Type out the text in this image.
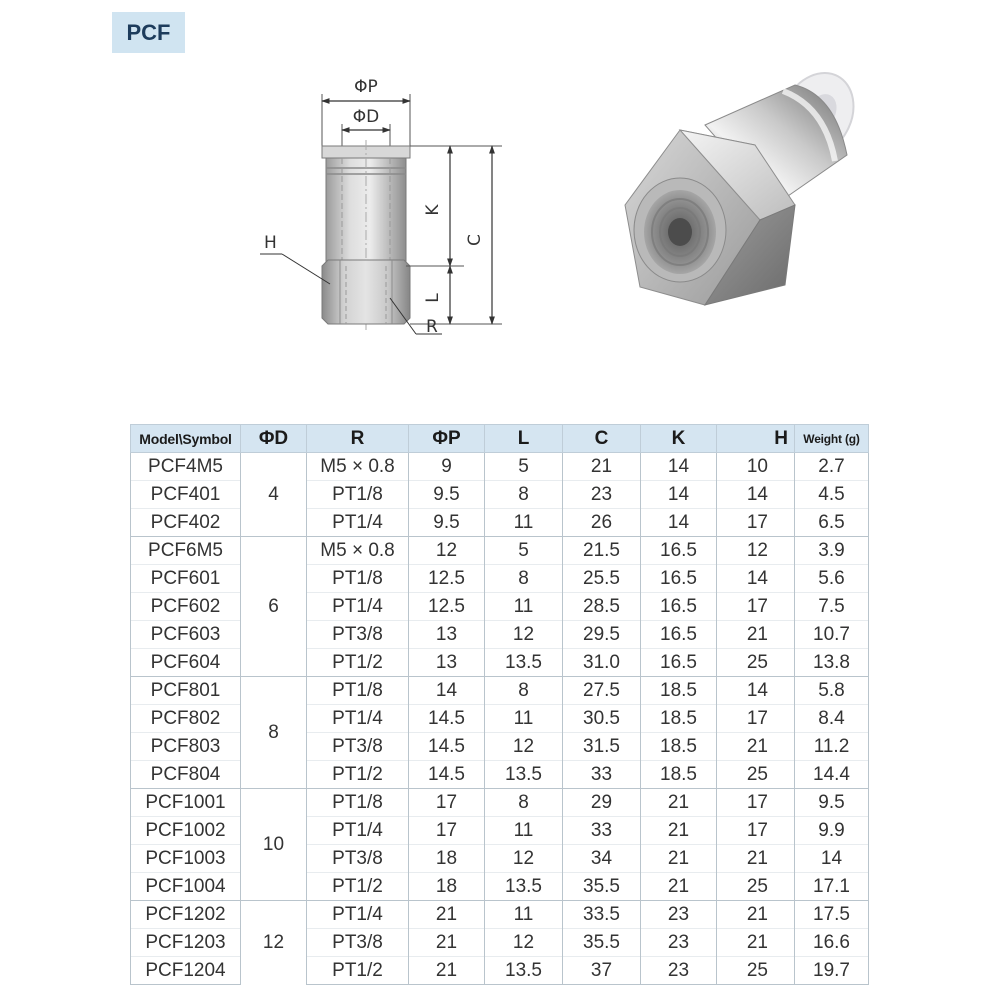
PCF
ΦP
ΦD
K
C
L
H
R
Model\Symbol	ΦD	R	ΦP	L	C	K	H	Weight (g)
PCF4M5	4	M5 × 0.8	9	5	21	14	10	2.7
PCF401		PT1/8	9.5	8	23	14	14	4.5
PCF402		PT1/4	9.5	11	26	14	17	6.5
PCF6M5	6	M5 × 0.8	12	5	21.5	16.5	12	3.9
PCF601		PT1/8	12.5	8	25.5	16.5	14	5.6
PCF602		PT1/4	12.5	11	28.5	16.5	17	7.5
PCF603		PT3/8	13	12	29.5	16.5	21	10.7
PCF604		PT1/2	13	13.5	31.0	16.5	25	13.8
PCF801	8	PT1/8	14	8	27.5	18.5	14	5.8
PCF802		PT1/4	14.5	11	30.5	18.5	17	8.4
PCF803		PT3/8	14.5	12	31.5	18.5	21	11.2
PCF804		PT1/2	14.5	13.5	33	18.5	25	14.4
PCF1001	10	PT1/8	17	8	29	21	17	9.5
PCF1002		PT1/4	17	11	33	21	17	9.9
PCF1003		PT3/8	18	12	34	21	21	14
PCF1004		PT1/2	18	13.5	35.5	21	25	17.1
PCF1202	12	PT1/4	21	11	33.5	23	21	17.5
PCF1203		PT3/8	21	12	35.5	23	21	16.6
PCF1204		PT1/2	21	13.5	37	23	25	19.7
